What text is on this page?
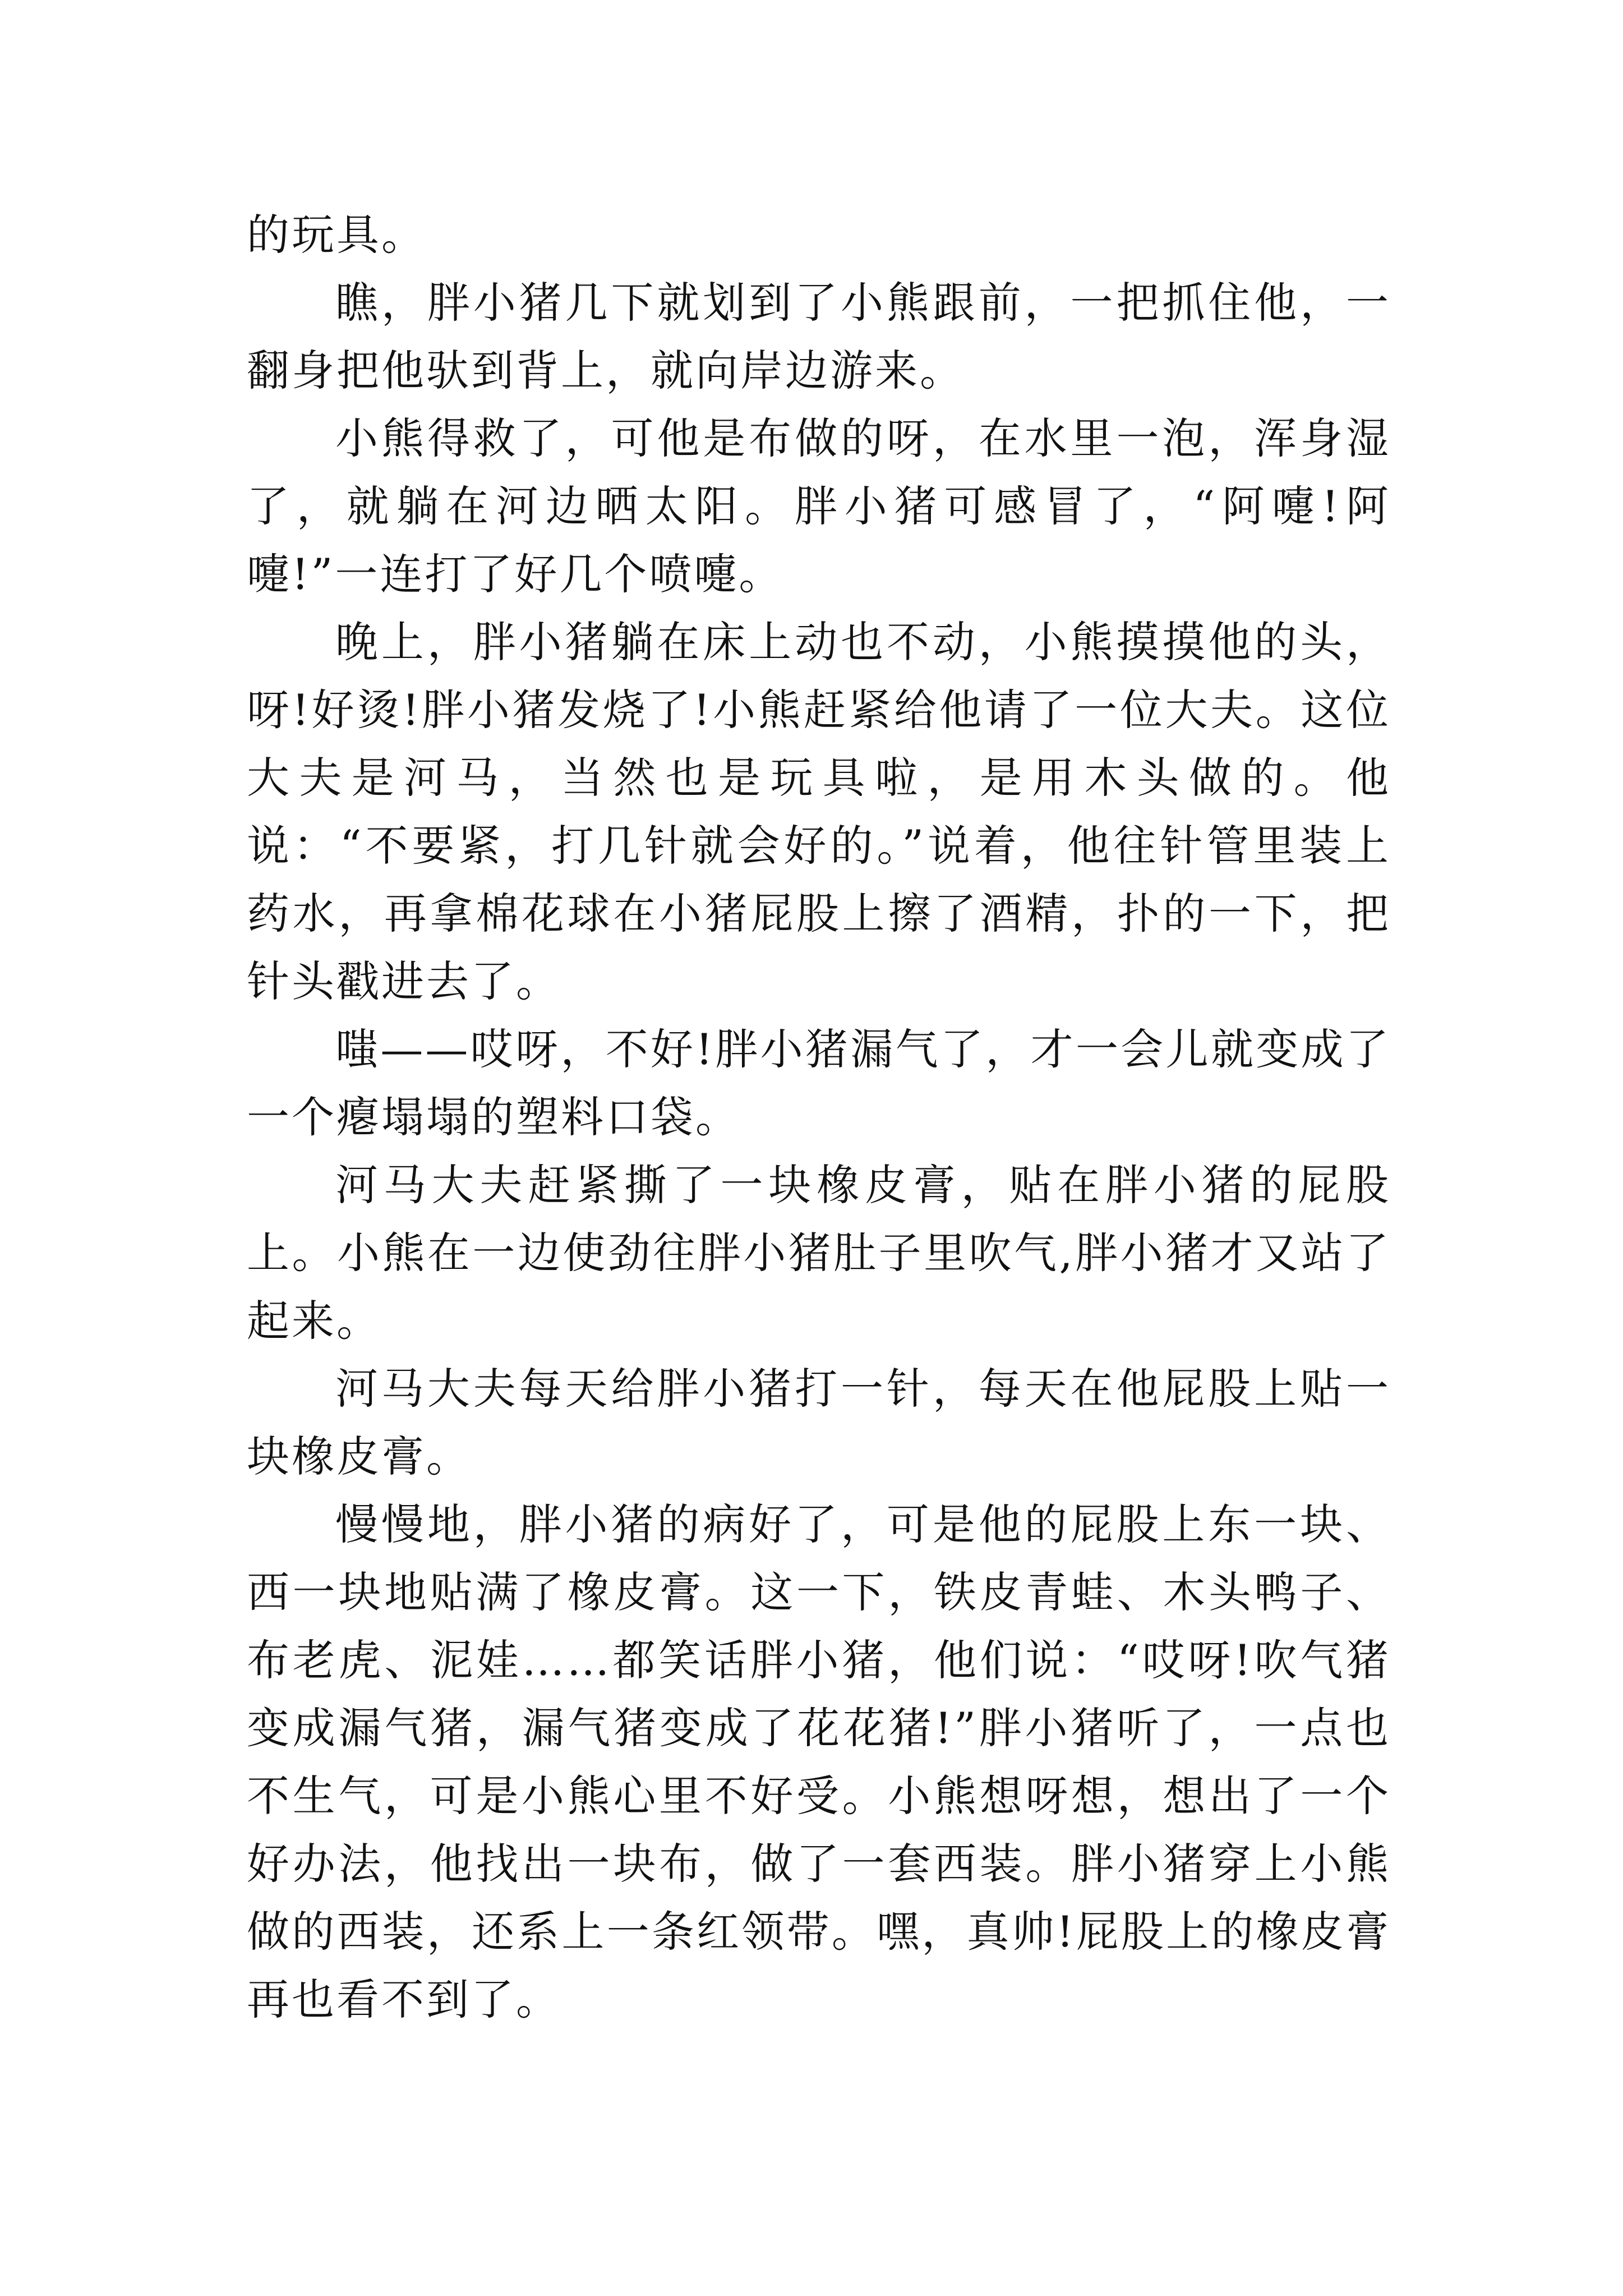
的玩具。

瞧，胖小猪几下就划到了小熊跟前，一把抓住他，一翻身把他驮到背上，就向岸边游来。

小熊得救了，可他是布做的呀，在水里一泡，浑身湿了，就躺在河边晒太阳。胖小猪可感冒了，“阿嚏!阿嚏!”一连打了好几个喷嚏。

晚上，胖小猪躺在床上动也不动，小熊摸摸他的头，呀!好烫!胖小猪发烧了!小熊赶紧给他请了一位大夫。这位大夫是河马，当然也是玩具啦，是用木头做的。他说：“不要紧，打几针就会好的。”说着，他往针管里装上药水，再拿棉花球在小猪屁股上擦了酒精，扑的一下，把针头戳进去了。

嗤——哎呀，不好!胖小猪漏气了，才一会儿就变成了一个瘪塌塌的塑料口袋。

河马大夫赶紧撕了一块橡皮膏，贴在胖小猪的屁股上。小熊在一边使劲往胖小猪肚子里吹气,胖小猪才又站了起来。

河马大夫每天给胖小猪打一针，每天在他屁股上贴一块橡皮膏。

慢慢地，胖小猪的病好了，可是他的屁股上东一块、西一块地贴满了橡皮膏。这一下，铁皮青蛙、木头鸭子、布老虎、泥娃……都笑话胖小猪，他们说：“哎呀!吹气猪变成漏气猪，漏气猪变成了花花猪!”胖小猪听了，一点也不生气，可是小熊心里不好受。小熊想呀想，想出了一个好办法，他找出一块布，做了一套西装。胖小猪穿上小熊做的西装，还系上一条红领带。嘿，真帅!屁股上的橡皮膏再也看不到了。
